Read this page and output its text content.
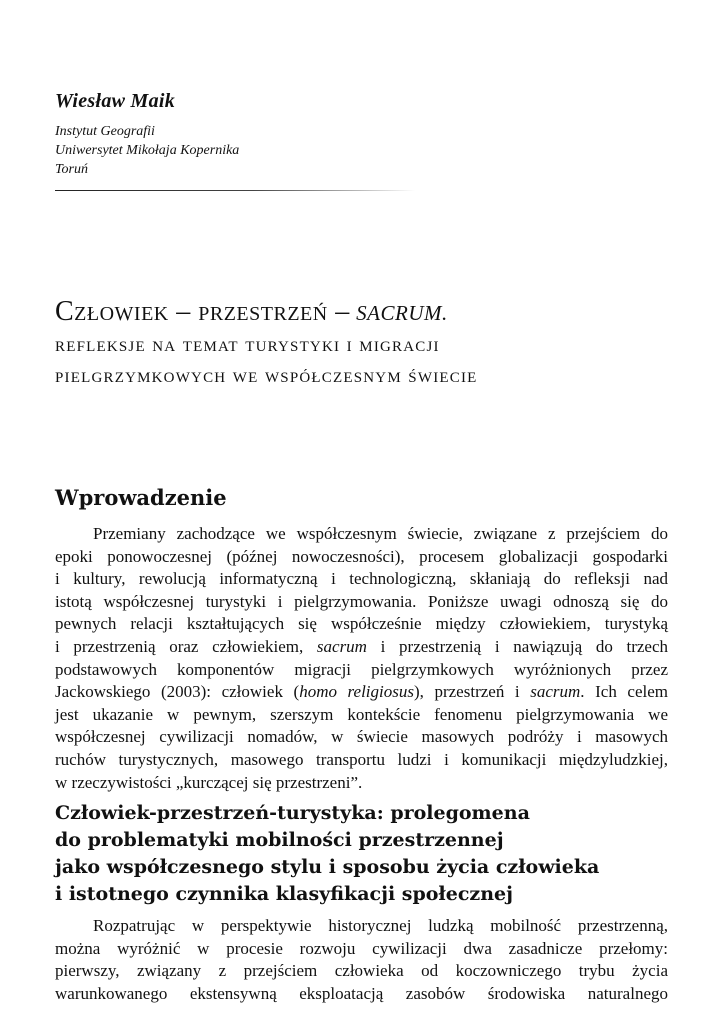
Wiesław Maik
Instytut Geografii
Uniwersytet Mikołaja Kopernika
Toruń
Człowiek – przestrzeń – SACRUM.
refleksje na temat turystyki i migracji
pielgrzymkowych we współczesnym świecie
Wprowadzenie
Przemiany zachodzące we współczesnym świecie, związane z przejściem do
epoki ponowoczesnej (późnej nowoczesności), procesem globalizacji gospodarki
i kultury, rewolucją informatyczną i technologiczną, skłaniają do refleksji nad
istotą współczesnej turystyki i pielgrzymowania. Poniższe uwagi odnoszą się do
pewnych relacji kształtujących się współcześnie między człowiekiem, turystyką
i przestrzenią oraz człowiekiem, sacrum i przestrzenią i nawiązują do trzech
podstawowych komponentów migracji pielgrzymkowych wyróżnionych przez
Jackowskiego (2003): człowiek (homo religiosus), przestrzeń i sacrum. Ich celem
jest ukazanie w pewnym, szerszym kontekście fenomenu pielgrzymowania we
współczesnej cywilizacji nomadów, w świecie masowych podróży i masowych
ruchów turystycznych, masowego transportu ludzi i komunikacji międzyludzkiej,
w rzeczywistości „kurczącej się przestrzeni”.
Człowiek-przestrzeń-turystyka: prolegomena
do problematyki mobilności przestrzennej
jako współczesnego stylu i sposobu życia człowieka
i istotnego czynnika klasyfikacji społecznej
Rozpatrując w perspektywie historycznej ludzką mobilność przestrzenną,
można wyróżnić w procesie rozwoju cywilizacji dwa zasadnicze przełomy:
pierwszy, związany z przejściem człowieka od koczowniczego trybu życia
warunkowanego ekstensywną eksploatacją zasobów środowiska naturalnego
